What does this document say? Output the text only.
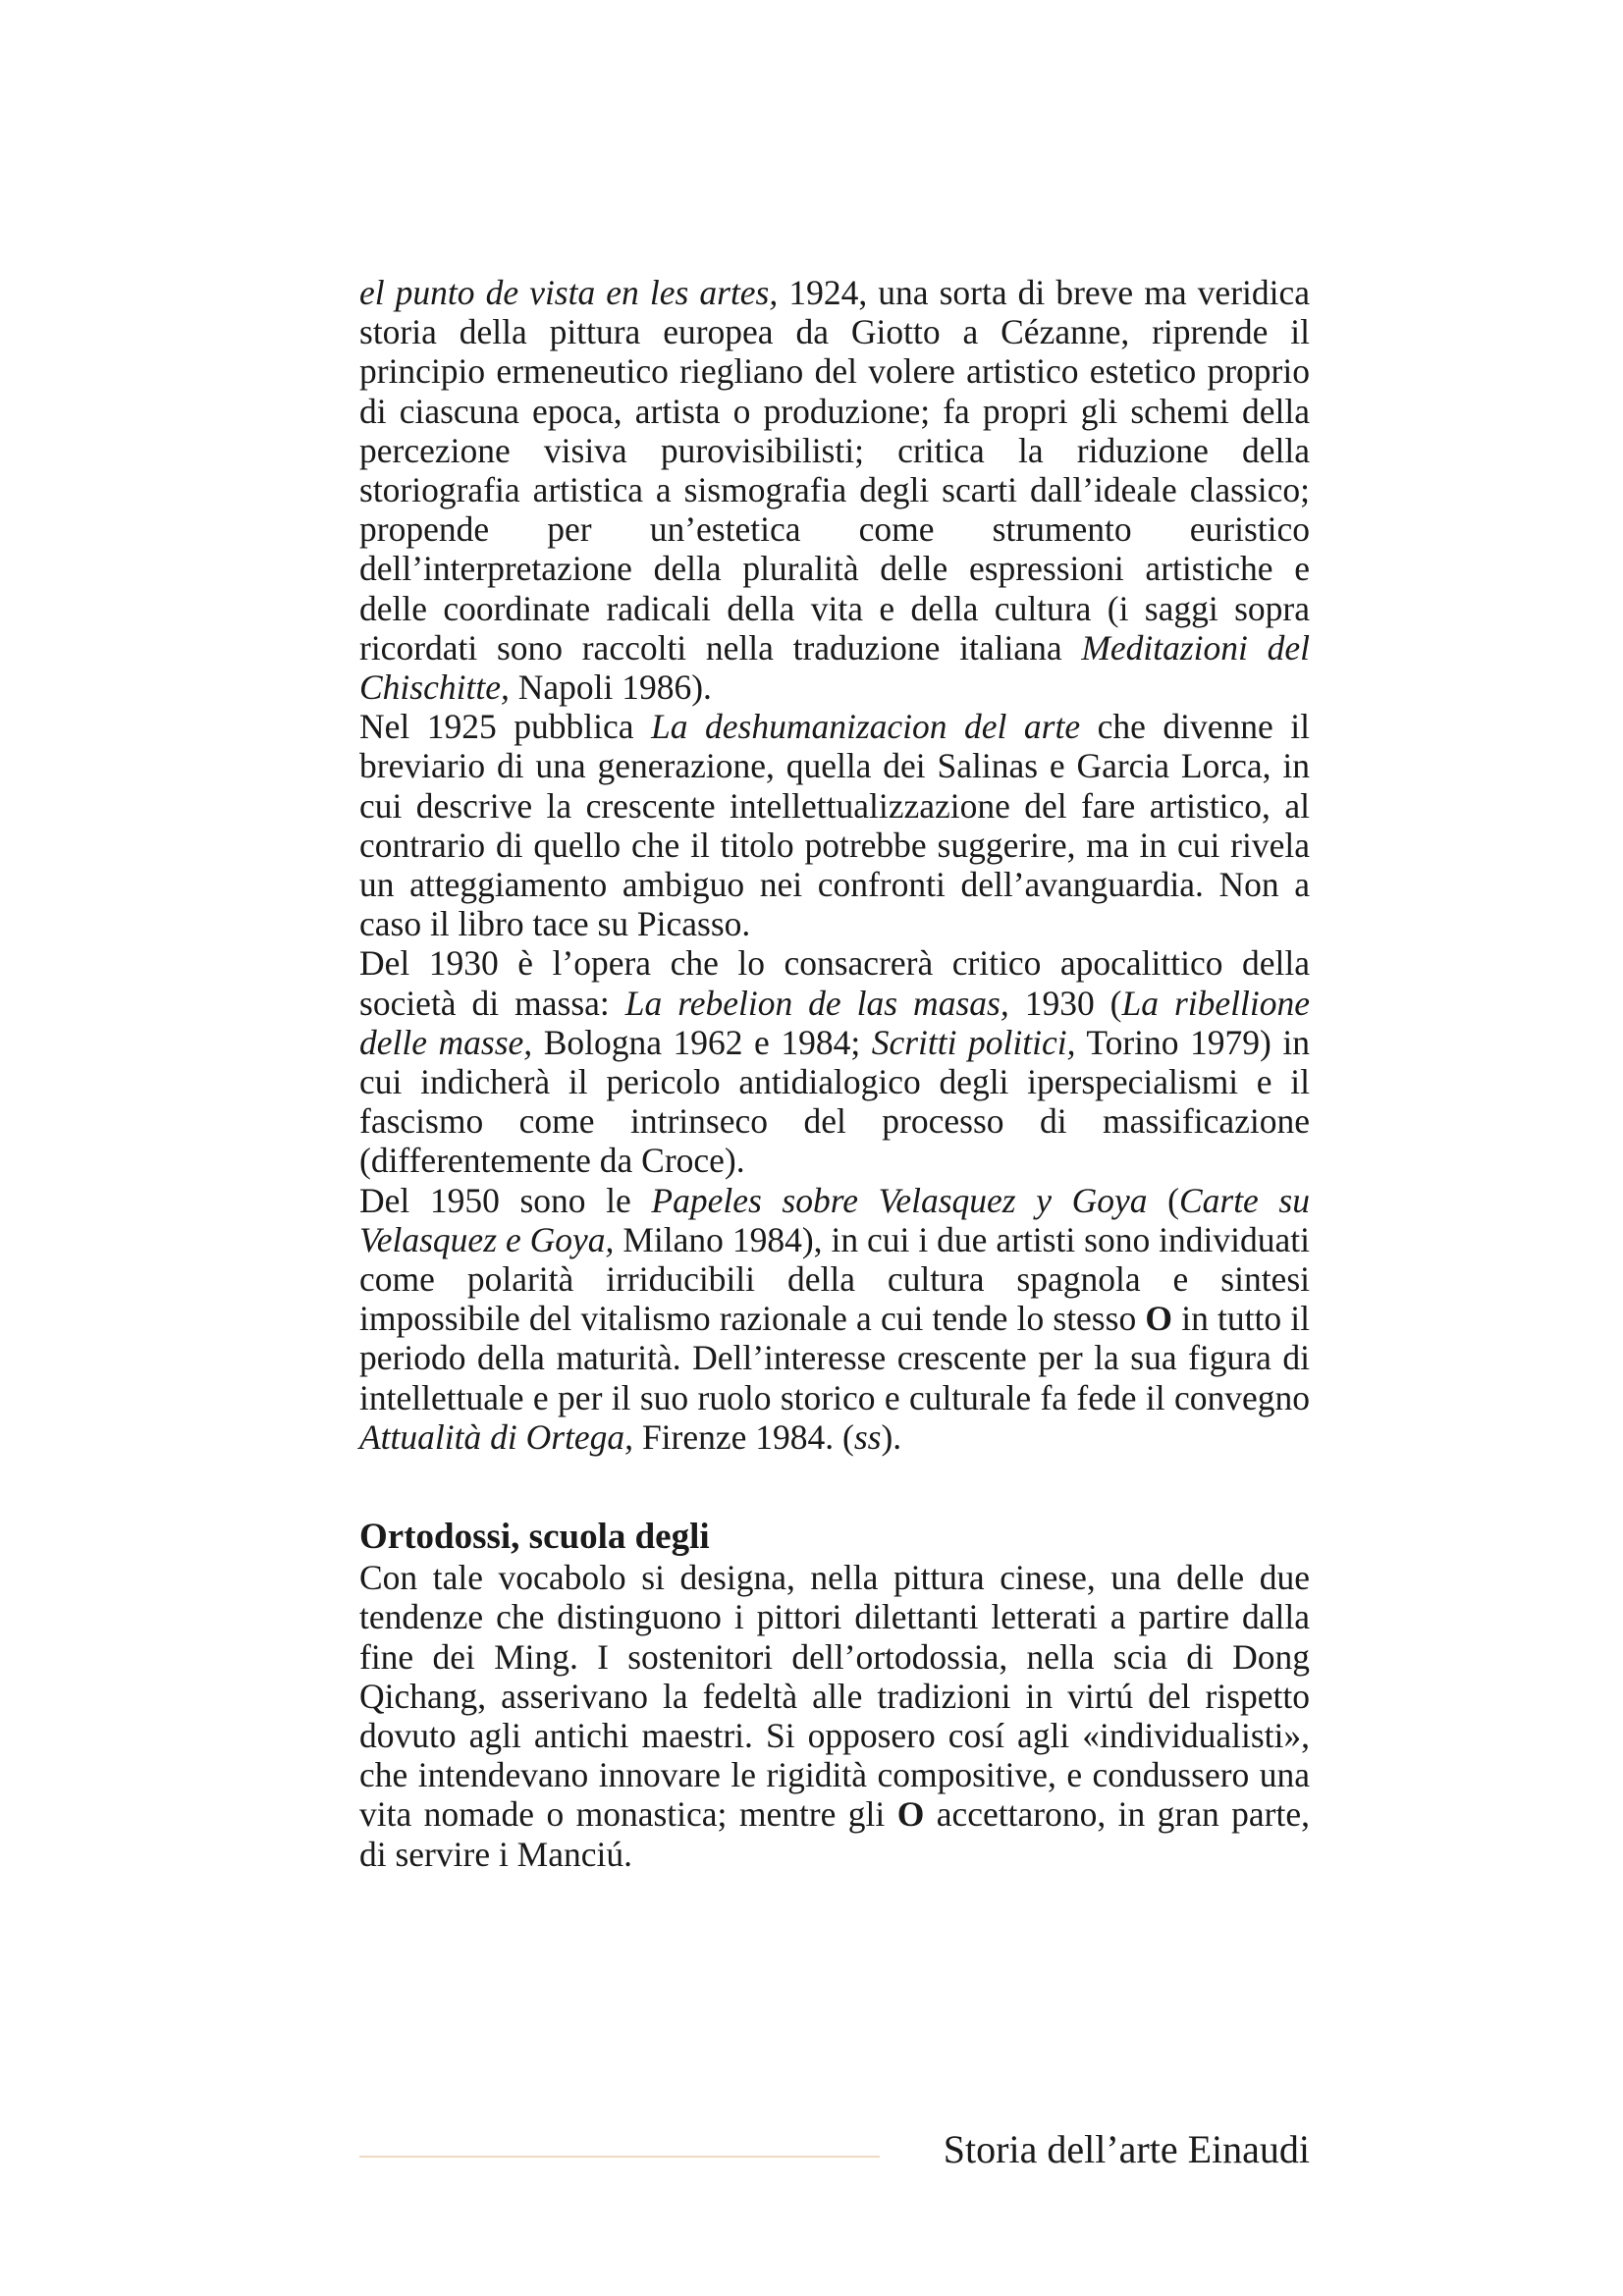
el punto de vista en les artes, 1924, una sorta di breve ma veridica storia della pittura europea da Giotto a Cézanne, riprende il principio ermeneutico riegliano del volere artistico estetico proprio di ciascuna epoca, artista o produzione; fa propri gli schemi della percezione visiva purovisibilisti; critica la riduzione della storiografia artistica a sismografia degli scarti dall’ideale classico; propende per un’estetica come strumento euristico dell’interpretazione della pluralità delle espressioni artistiche e delle coordinate radicali della vita e della cultura (i saggi sopra ricordati sono raccolti nella traduzione italiana Meditazioni del Chischitte, Napoli 1986).

Nel 1925 pubblica La deshumanizacion del arte che divenne il breviario di una generazione, quella dei Salinas e Garcia Lorca, in cui descrive la crescente intellettualizzazione del fare artistico, al contrario di quello che il titolo potrebbe suggerire, ma in cui rivela un atteggiamento ambiguo nei confronti dell’avanguardia. Non a caso il libro tace su Picasso.

Del 1930 è l’opera che lo consacrerà critico apocalittico della società di massa: La rebelion de las masas, 1930 (La ribellione delle masse, Bologna 1962 e 1984; Scritti politici, Torino 1979) in cui indicherà il pericolo antidialogico degli iperspecialismi e il fascismo come intrinseco del processo di massificazione (differentemente da Croce).

Del 1950 sono le Papeles sobre Velasquez y Goya (Carte su Velasquez e Goya, Milano 1984), in cui i due artisti sono individuati come polarità irriducibili della cultura spagnola e sintesi impossibile del vitalismo razionale a cui tende lo stesso O in tutto il periodo della maturità. Dell’interesse crescente per la sua figura di intellettuale e per il suo ruolo storico e culturale fa fede il convegno Attualità di Ortega, Firenze 1984. (ss).

Ortodossi, scuola degli

Con tale vocabolo si designa, nella pittura cinese, una delle due tendenze che distinguono i pittori dilettanti letterati a partire dalla fine dei Ming. I sostenitori dell’ortodossia, nella scia di Dong Qichang, asserivano la fedeltà alle tradizioni in virtú del rispetto dovuto agli antichi maestri. Si opposero cosí agli «individualisti», che intendevano innovare le rigidità compositive, e condussero una vita nomade o monastica; mentre gli O accettarono, in gran parte, di servire i Manciú.

Storia dell’arte Einaudi
